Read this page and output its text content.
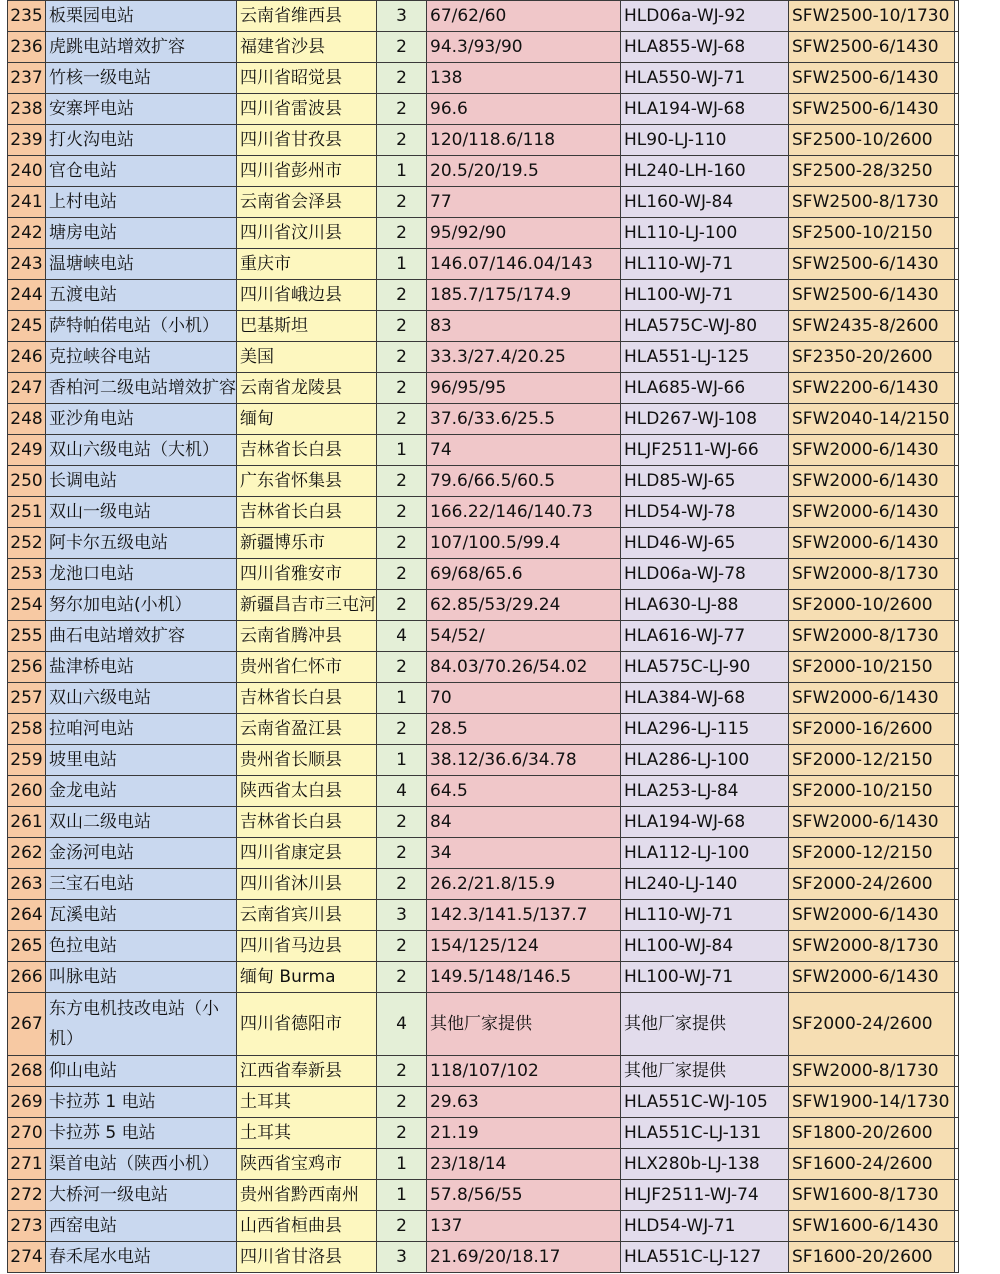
235	板栗园电站	云南省维西县	3	67/62/60	HLD06a-WJ-92	SFW2500-10/1730	
236	虎跳电站增效扩容	福建省沙县	2	94.3/93/90	HLA855-WJ-68	SFW2500-6/1430	
237	竹核一级电站	四川省昭觉县	2	138	HLA550-WJ-71	SFW2500-6/1430	
238	安寨坪电站	四川省雷波县	2	96.6	HLA194-WJ-68	SFW2500-6/1430	
239	打火沟电站	四川省甘孜县	2	120/118.6/118	HL90-LJ-110	SF2500-10/2600	
240	官仓电站	四川省彭州市	1	20.5/20/19.5	HL240-LH-160	SF2500-28/3250	
241	上村电站	云南省会泽县	2	77	HL160-WJ-84	SFW2500-8/1730	
242	塘房电站	四川省汶川县	2	95/92/90	HL110-LJ-100	SF2500-10/2150	
243	温塘峡电站	重庆市	1	146.07/146.04/143	HL110-WJ-71	SFW2500-6/1430	
244	五渡电站	四川省峨边县	2	185.7/175/174.9	HL100-WJ-71	SFW2500-6/1430	
245	萨特帕偌电站（小机）	巴基斯坦	2	83	HLA575C-WJ-80	SFW2435-8/2600	
246	克拉峡谷电站	美国	2	33.3/27.4/20.25	HLA551-LJ-125	SF2350-20/2600	
247	香柏河二级电站增效扩容	云南省龙陵县	2	96/95/95	HLA685-WJ-66	SFW2200-6/1430	
248	亚沙角电站	缅甸	2	37.6/33.6/25.5	HLD267-WJ-108	SFW2040-14/2150	
249	双山六级电站（大机）	吉林省长白县	1	74	HLJF2511-WJ-66	SFW2000-6/1430	
250	长调电站	广东省怀集县	2	79.6/66.5/60.5	HLD85-WJ-65	SFW2000-6/1430	
251	双山一级电站	吉林省长白县	2	166.22/146/140.73	HLD54-WJ-78	SFW2000-6/1430	
252	阿卡尔五级电站	新疆博乐市	2	107/100.5/99.4	HLD46-WJ-65	SFW2000-6/1430	
253	龙池口电站	四川省雅安市	2	69/68/65.6	HLD06a-WJ-78	SFW2000-8/1730	
254	努尔加电站(小机）	新疆昌吉市三屯河	2	62.85/53/29.24	HLA630-LJ-88	SF2000-10/2600	
255	曲石电站增效扩容	云南省腾冲县	4	54/52/	HLA616-WJ-77	SFW2000-8/1730	
256	盐津桥电站	贵州省仁怀市	2	84.03/70.26/54.02	HLA575C-LJ-90	SF2000-10/2150	
257	双山六级电站	吉林省长白县	1	70	HLA384-WJ-68	SFW2000-6/1430	
258	拉咱河电站	云南省盈江县	2	28.5	HLA296-LJ-115	SF2000-16/2600	
259	坡里电站	贵州省长顺县	1	38.12/36.6/34.78	HLA286-LJ-100	SF2000-12/2150	
260	金龙电站	陕西省太白县	4	64.5	HLA253-LJ-84	SF2000-10/2150	
261	双山二级电站	吉林省长白县	2	84	HLA194-WJ-68	SFW2000-6/1430	
262	金汤河电站	四川省康定县	2	34	HLA112-LJ-100	SF2000-12/2150	
263	三宝石电站	四川省沐川县	2	26.2/21.8/15.9	HL240-LJ-140	SF2000-24/2600	
264	瓦溪电站	云南省宾川县	3	142.3/141.5/137.7	HL110-WJ-71	SFW2000-6/1430	
265	色拉电站	四川省马边县	2	154/125/124	HL100-WJ-84	SFW2000-8/1730	
266	叫脉电站	缅甸 Burma	2	149.5/148/146.5	HL100-WJ-71	SFW2000-6/1430	
267	东方电机技改电站（小机）	四川省德阳市	4	其他厂家提供	其他厂家提供	SF2000-24/2600	
268	仰山电站	江西省奉新县	2	118/107/102	其他厂家提供	SFW2000-8/1730	
269	卡拉苏 1 电站	土耳其	2	29.63	HLA551C-WJ-105	SFW1900-14/1730	
270	卡拉苏 5 电站	土耳其	2	21.19	HLA551C-LJ-131	SF1800-20/2600	
271	渠首电站（陕西小机）	陕西省宝鸡市	1	23/18/14	HLX280b-LJ-138	SF1600-24/2600	
272	大桥河一级电站	贵州省黔西南州	1	57.8/56/55	HLJF2511-WJ-74	SFW1600-8/1730	
273	西窑电站	山西省桓曲县	2	137	HLD54-WJ-71	SFW1600-6/1430	
274	春禾尾水电站	四川省甘洛县	3	21.69/20/18.17	HLA551C-LJ-127	SF1600-20/2600	
